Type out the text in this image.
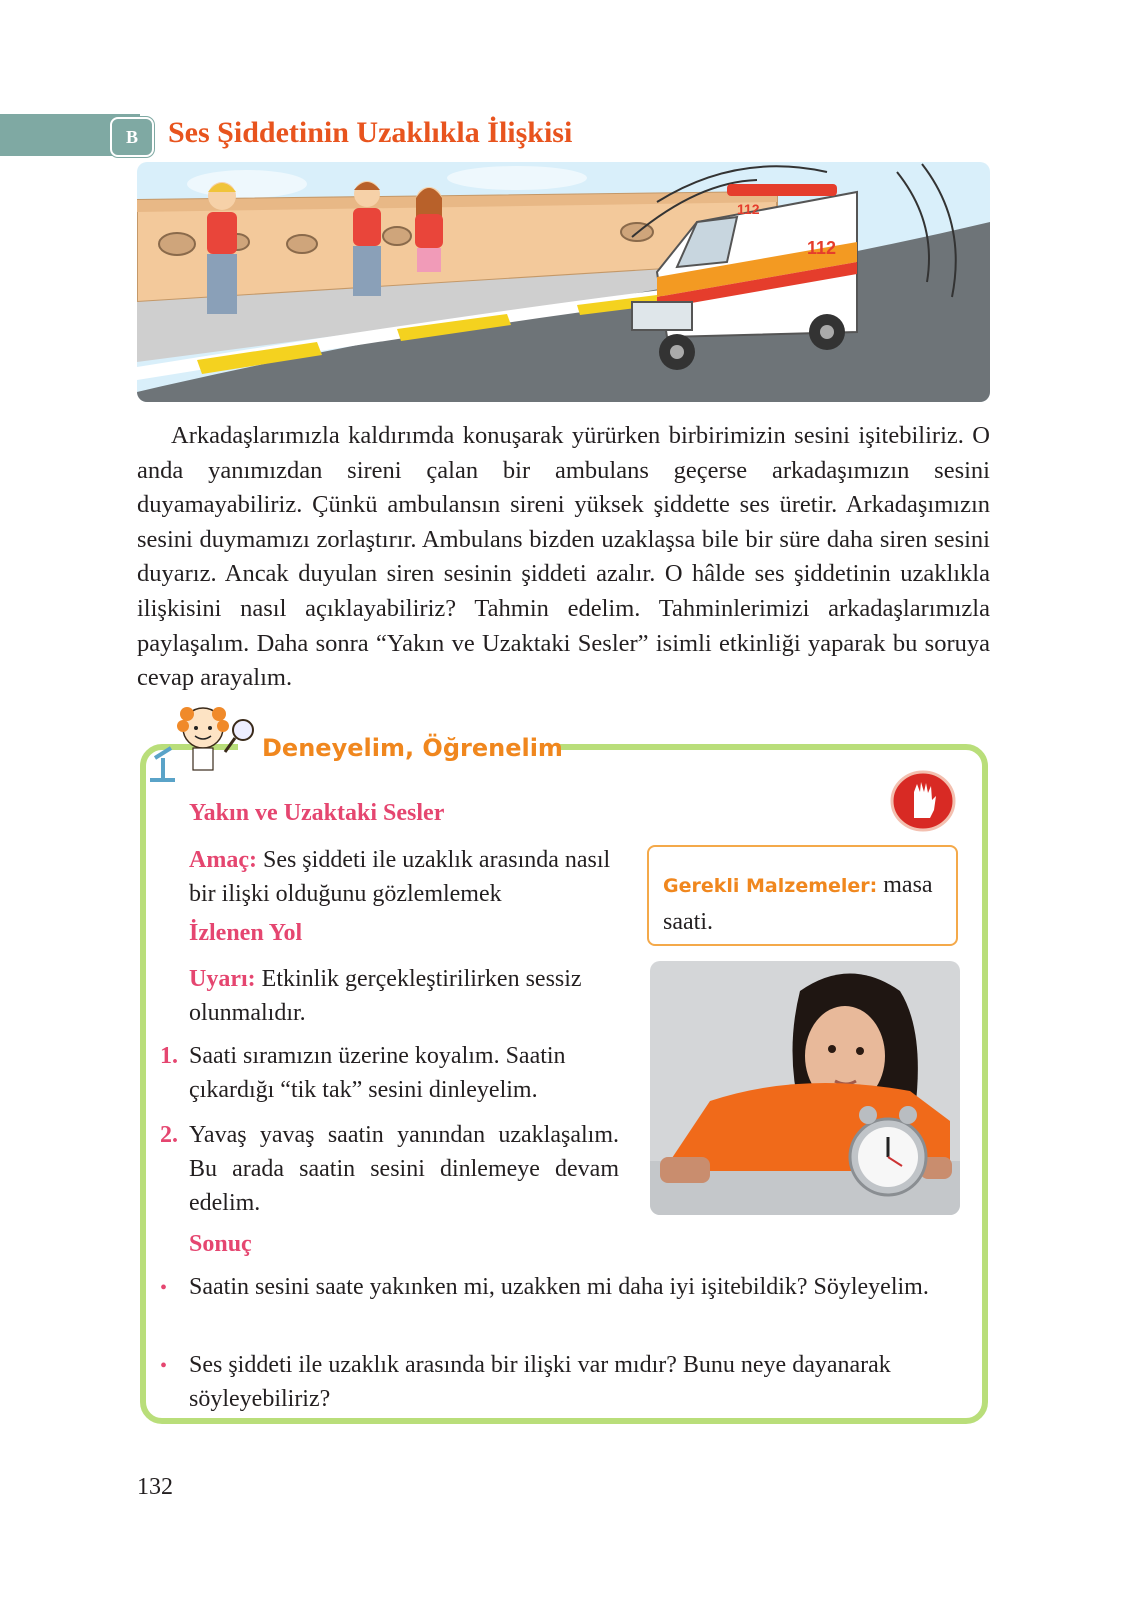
B	Ses Şiddetinin Uzaklıkla İlişkisi
112
112

Arkadaşlarımızla kaldırımda konuşarak yürürken birbirimizin sesini işitebiliriz. O anda yanımızdan sireni çalan bir ambulans geçerse arkadaşımızın sesini duyamayabiliriz. Çünkü ambulansın sireni yüksek şiddette ses üretir. Arkadaşımızın sesini duymamızı zorlaştırır. Ambulans bizden uzaklaşsa bile bir süre daha siren sesini duyarız. Ancak duyulan siren sesinin şiddeti azalır. O hâlde ses şiddetinin uzaklıkla ilişkisini nasıl açıklayabiliriz? Tahmin edelim. Tahminlerimizi arkadaşlarımızla paylaşalım. Daha sonra “Yakın ve Uzaktaki Sesler” isimli etkinliği yaparak bu soruya cevap arayalım.

Deneyelim, Öğrenelim
Yakın ve Uzaktaki Sesler
Amaç: Ses şiddeti ile uzaklık arasında nasıl bir ilişki olduğunu gözlemlemek
İzlenen Yol
Uyarı: Etkinlik gerçekleştirilirken sessiz olunmalıdır.
1. Saati sıramızın üzerine koyalım. Saatin çıkardığı “tik tak” sesini dinleyelim.
2. Yavaş yavaş saatin yanından uzaklaşalım. Bu arada saatin sesini dinlemeye devam edelim.
Sonuç
• Saatin sesini saate yakınken mi, uzakken mi daha iyi işitebildik? Söyleyelim.
• Ses şiddeti ile uzaklık arasında bir ilişki var mıdır? Bunu neye dayanarak söyleyebiliriz?
Gerekli Malzemeler: masa saati.
132
